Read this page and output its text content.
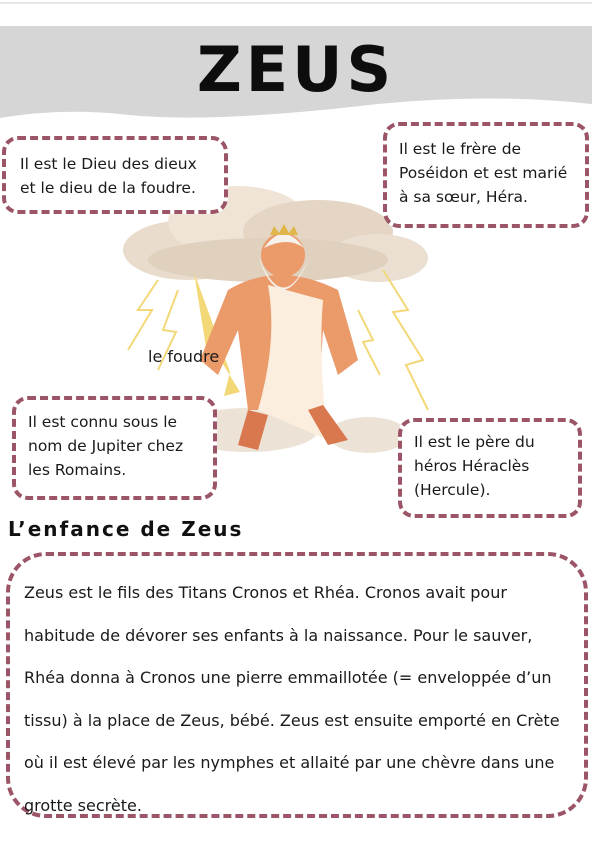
ZEUS

Il est le Dieu des dieux et le dieu de la foudre.

Il est le frère de Poséidon et est marié à sa sœur, Héra.

le foudre

Il est connu sous le nom de Jupiter chez les Romains.

Il est le père du héros Héraclès (Hercule).

L’enfance de Zeus

Zeus est le fils des Titans Cronos et Rhéa. Cronos avait pour habitude de dévorer ses enfants à la naissance. Pour le sauver, Rhéa donna à Cronos une pierre emmaillotée (= enveloppée d’un tissu) à la place de Zeus, bébé. Zeus est ensuite emporté en Crète où il est élevé par les nymphes et allaité par une chèvre dans une grotte secrète.
